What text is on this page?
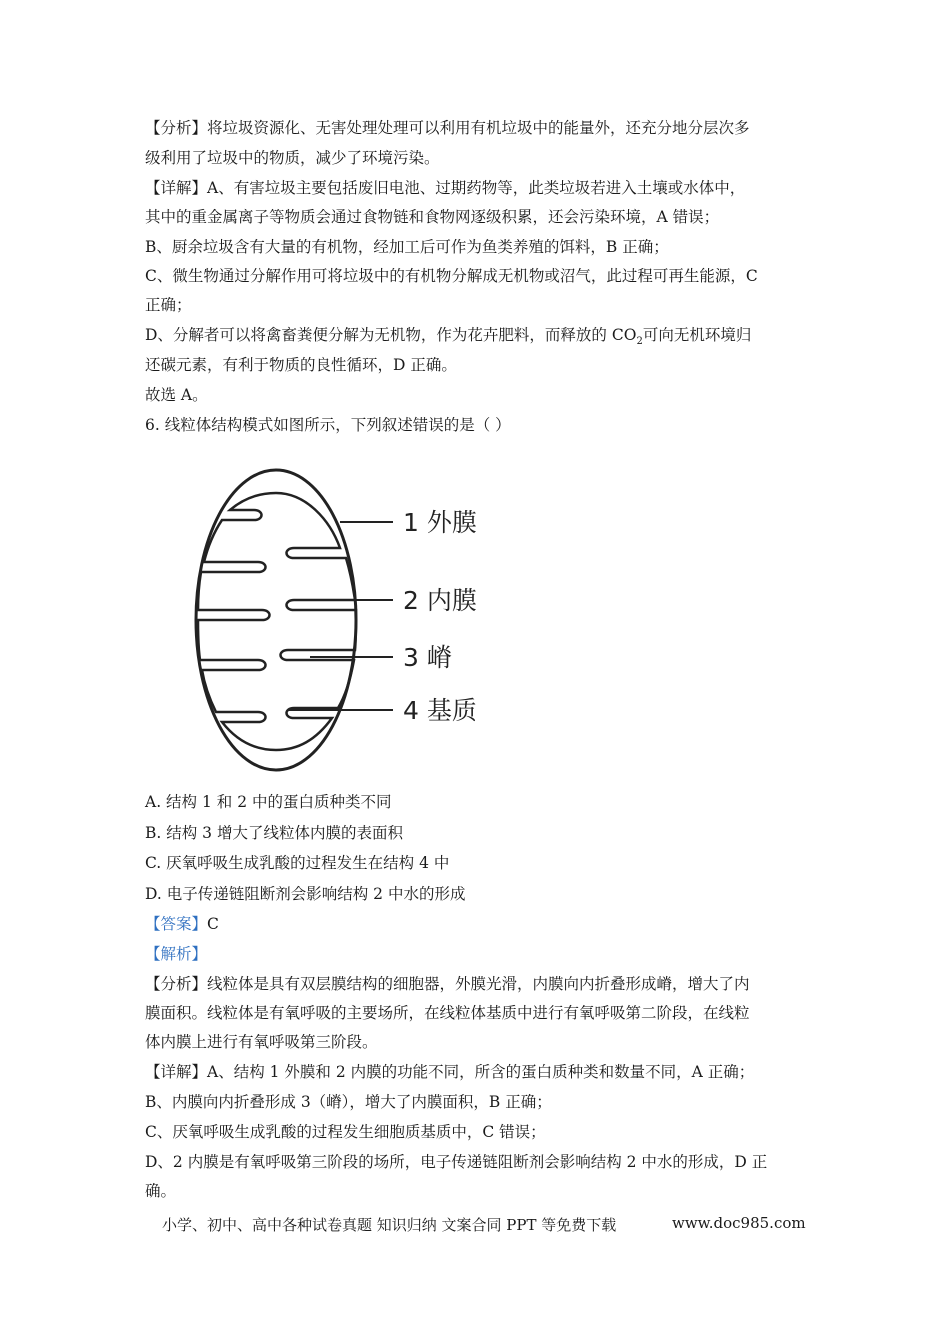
【分析】将垃圾资源化、无害处理处理可以利用有机垃圾中的能量外，还充分地分层次多
级利用了垃圾中的物质，减少了环境污染。
【详解】A、有害垃圾主要包括废旧电池、过期药物等，此类垃圾若进入土壤或水体中，
其中的重金属离子等物质会通过食物链和食物网逐级积累，还会污染环境，A 错误；
B、厨余垃圾含有大量的有机物，经加工后可作为鱼类养殖的饵料，B 正确；
C、微生物通过分解作用可将垃圾中的有机物分解成无机物或沼气，此过程可再生能源，C
正确；
D、分解者可以将禽畜粪便分解为无机物，作为花卉肥料，而释放的 $CO_2$可向无机环境归
还碳元素，有利于物质的良性循环，D 正确。
故选 A。
6. 线粒体结构模式如图所示，下列叙述错误的是（ ）
1 外膜
2 内膜
3 嵴
4 基质
A. 结构 1 和 2 中的蛋白质种类不同
B. 结构 3 增大了线粒体内膜的表面积
C. 厌氧呼吸生成乳酸的过程发生在结构 4 中
D. 电子传递链阻断剂会影响结构 2 中水的形成
【答案】C
【解析】
【分析】线粒体是具有双层膜结构的细胞器，外膜光滑，内膜向内折叠形成嵴，增大了内
膜面积。线粒体是有氧呼吸的主要场所，在线粒体基质中进行有氧呼吸第二阶段，在线粒
体内膜上进行有氧呼吸第三阶段。
【详解】A、结构 1 外膜和 2 内膜的功能不同，所含的蛋白质种类和数量不同，A 正确；
B、内膜向内折叠形成 3（嵴），增大了内膜面积，B 正确；
C、厌氧呼吸生成乳酸的过程发生细胞质基质中，C 错误；
D、2 内膜是有氧呼吸第三阶段的场所，电子传递链阻断剂会影响结构 2 中水的形成，D 正
确。
小学、初中、高中各种试卷真题 知识归纳 文案合同 PPT 等免费下载	www.doc985.com
